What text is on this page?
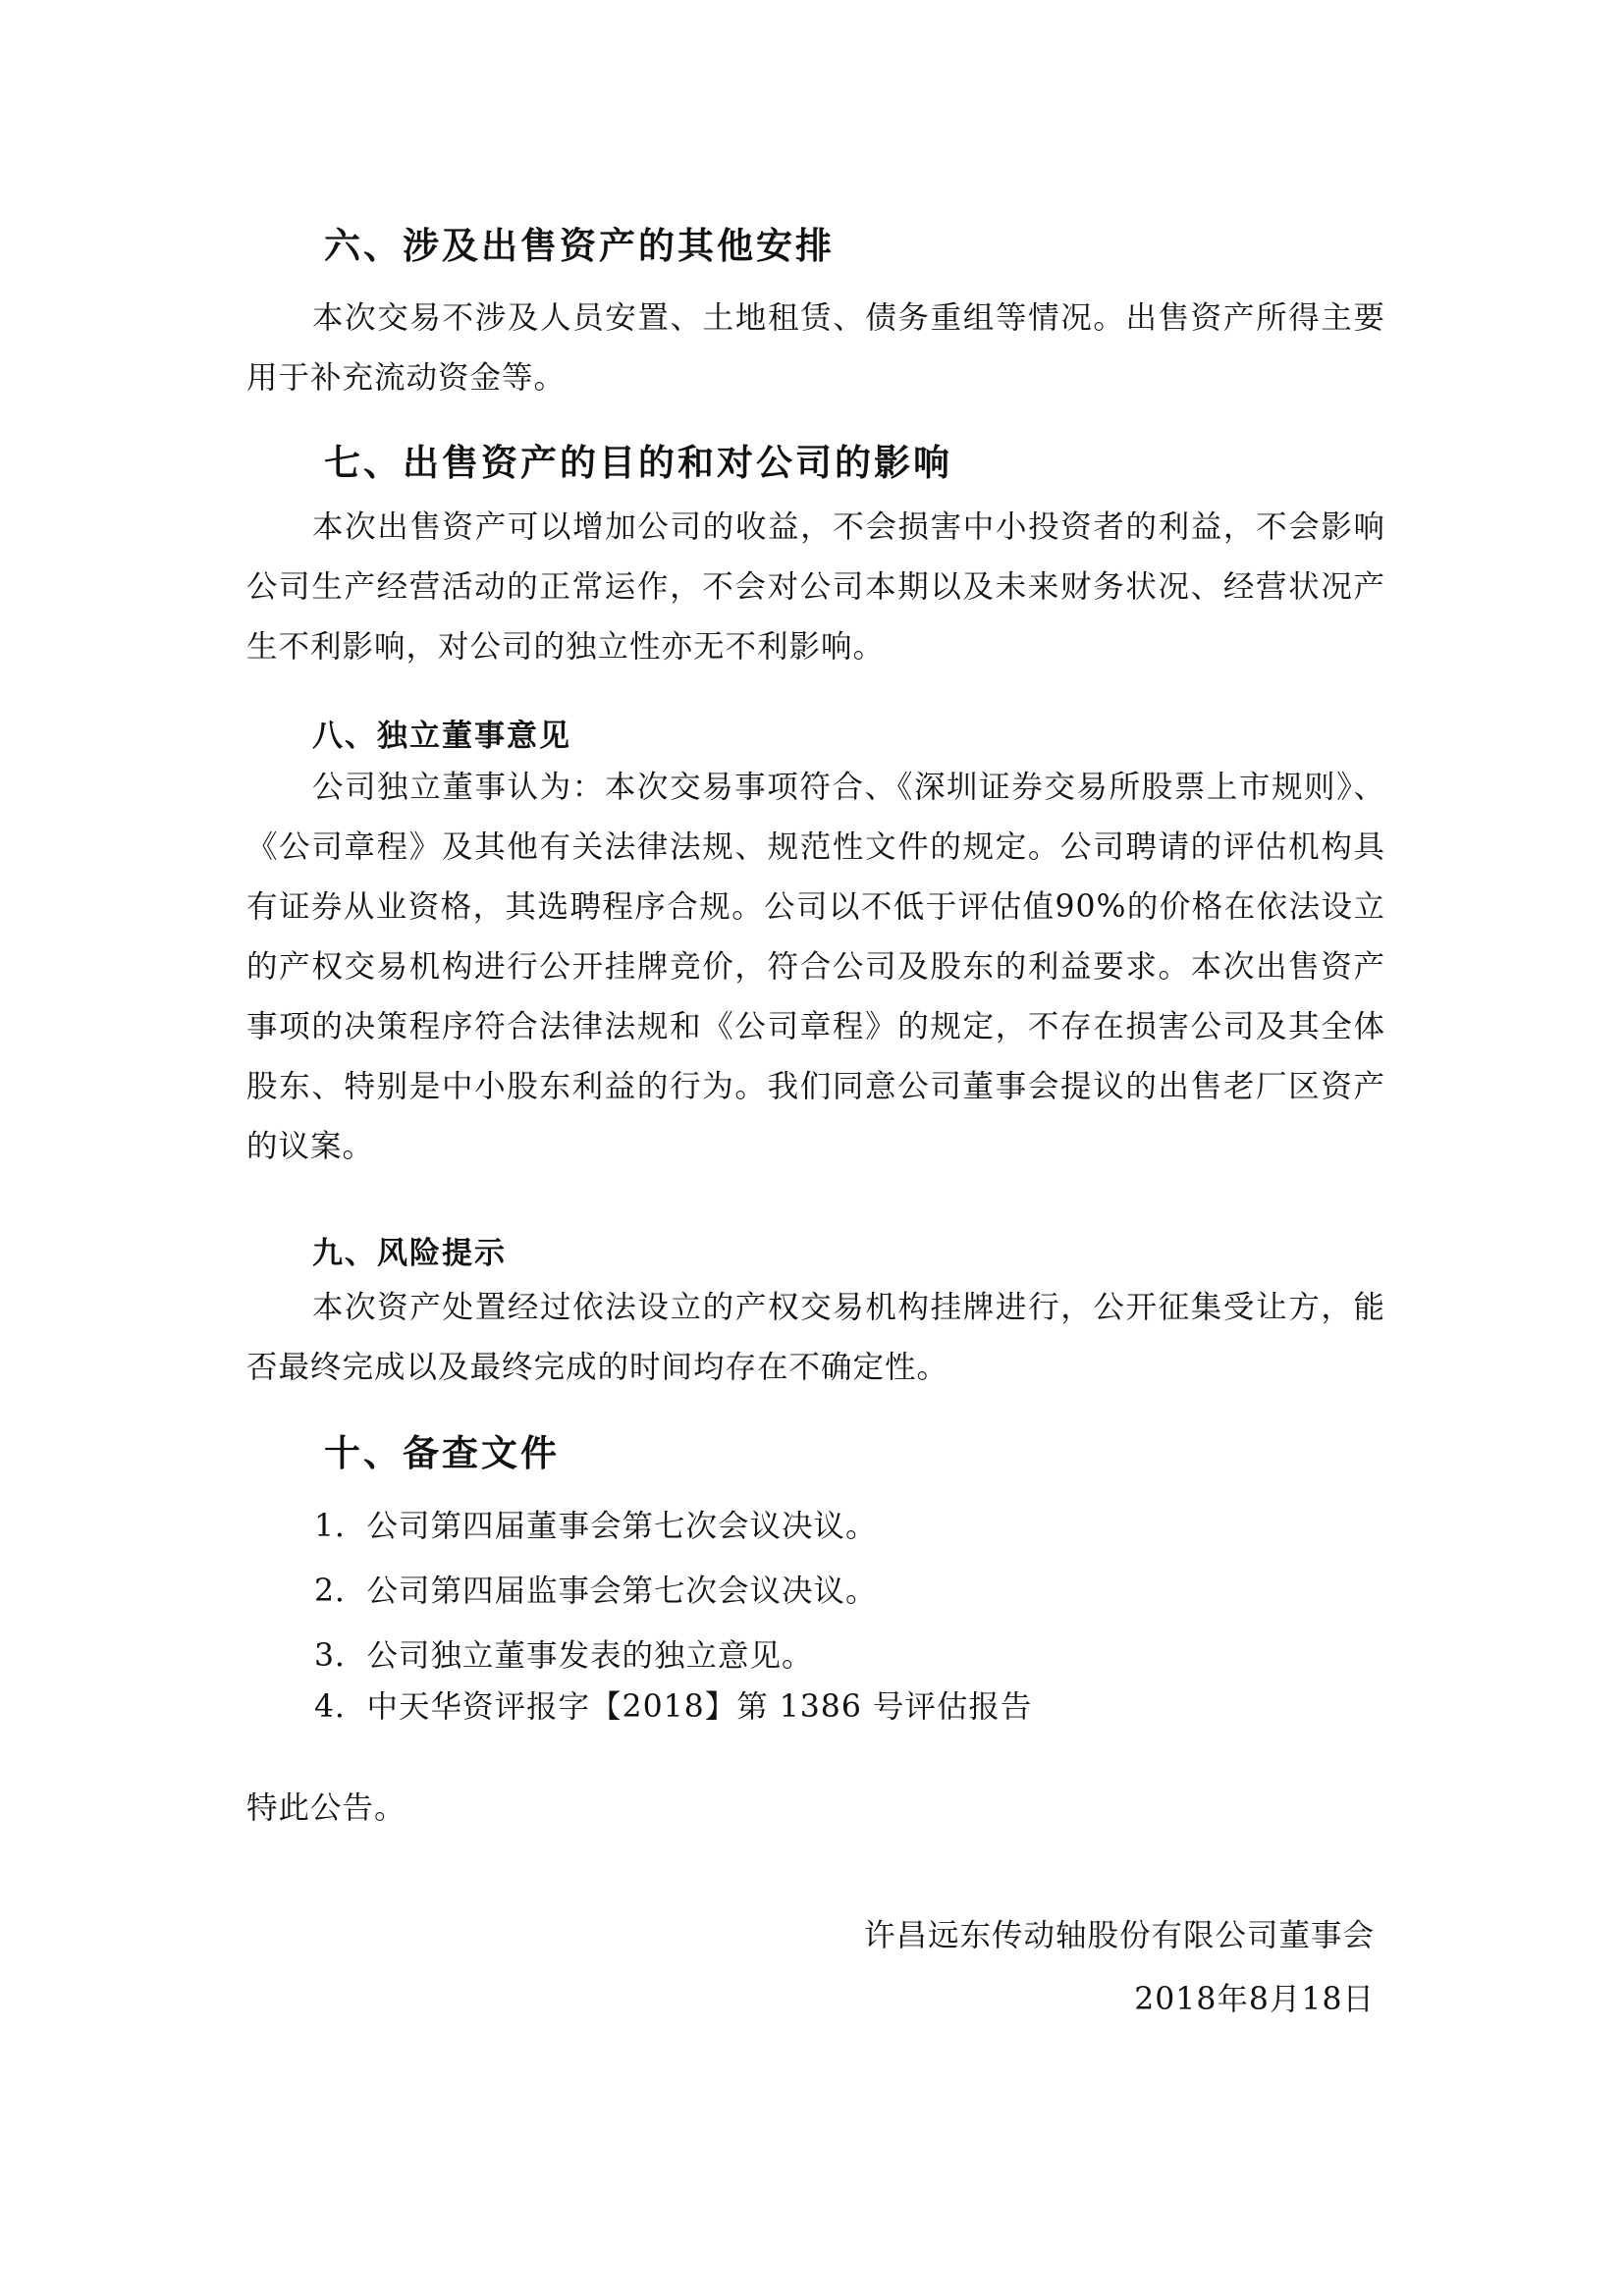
六、涉及出售资产的其他安排

本次交易不涉及人员安置、土地租赁、债务重组等情况。出售资产所得主要用于补充流动资金等。

七、出售资产的目的和对公司的影响

本次出售资产可以增加公司的收益，不会损害中小投资者的利益，不会影响公司生产经营活动的正常运作，不会对公司本期以及未来财务状况、经营状况产生不利影响，对公司的独立性亦无不利影响。

八、独立董事意见

公司独立董事认为：本次交易事项符合、《深圳证券交易所股票上市规则》、《公司章程》及其他有关法律法规、规范性文件的规定。公司聘请的评估机构具有证券从业资格，其选聘程序合规。公司以不低于评估值90%的价格在依法设立的产权交易机构进行公开挂牌竞价，符合公司及股东的利益要求。本次出售资产事项的决策程序符合法律法规和《公司章程》的规定，不存在损害公司及其全体股东、特别是中小股东利益的行为。我们同意公司董事会提议的出售老厂区资产的议案。

九、风险提示

本次资产处置经过依法设立的产权交易机构挂牌进行，公开征集受让方，能否最终完成以及最终完成的时间均存在不确定性。

十、备查文件
1．公司第四届董事会第七次会议决议。
2．公司第四届监事会第七次会议决议。
3．公司独立董事发表的独立意见。
4．中天华资评报字【2018】第 1386 号评估报告
特此公告。
许昌远东传动轴股份有限公司董事会
2018年8月18日
